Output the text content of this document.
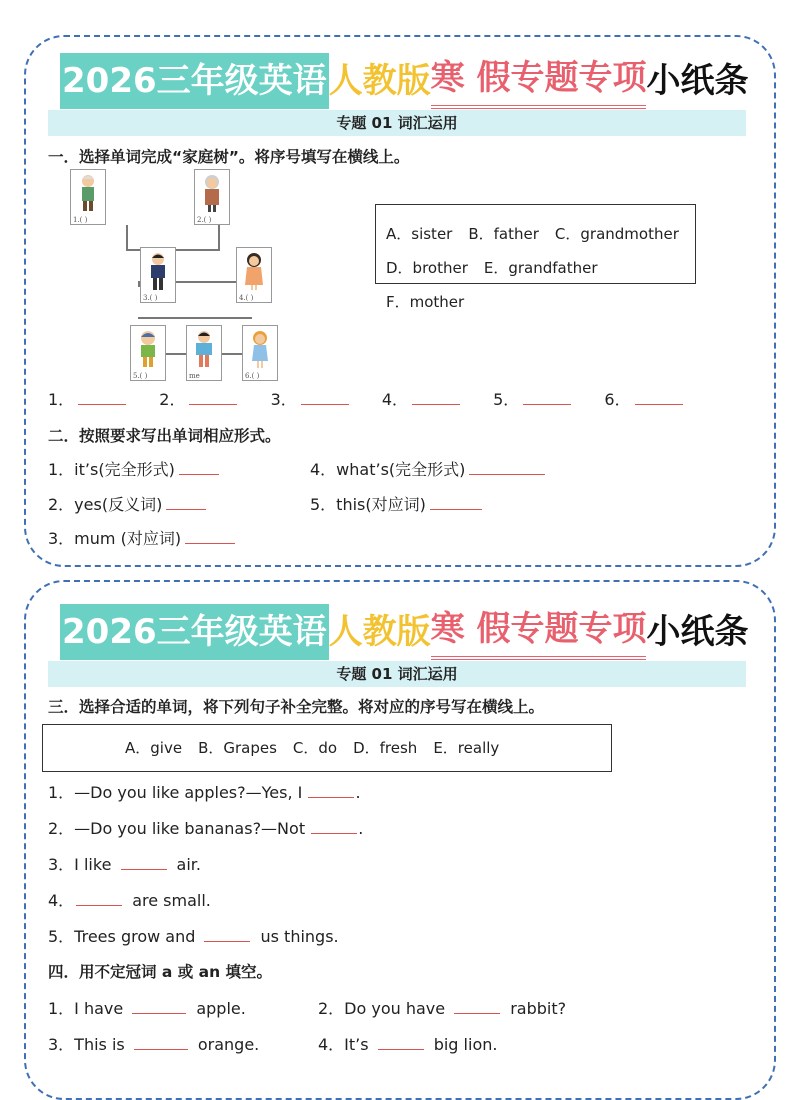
2026三年级英语 人教版 寒 假专题专项 小纸条
专题 01 词汇运用
一．选择单词完成“家庭树”。将序号填写在横线上。
1.( )	2.( )
3.( )	4.( )
5.( )	me	6.( )
A．sister B．father C．grandmother
D．brother E．grandfatherF．mother
1．	2．	3．	4．	5．	6．
二．按照要求写出单词相应形式。
1．it’s(完全形式)	4．what’s(完全形式)
2．yes(反义词)	5．this(对应词)
3．mum (对应词)
2026三年级英语 人教版 寒 假专题专项 小纸条
专题 01 词汇运用
三．选择合适的单词，将下列句子补全完整。将对应的序号写在横线上。
A．give B．Grapes C．do D．fresh E．really
1．—Do you like apples?—Yes, I	.
2．—Do you like bananas?—Not	.
3．I like	air.
4．	are small.
5．Trees grow and	us things.
四．用不定冠词 a 或 an 填空。
1．I have	apple.	2．Do you have	rabbit?
3．This is	orange.	4．It’s	big lion.
